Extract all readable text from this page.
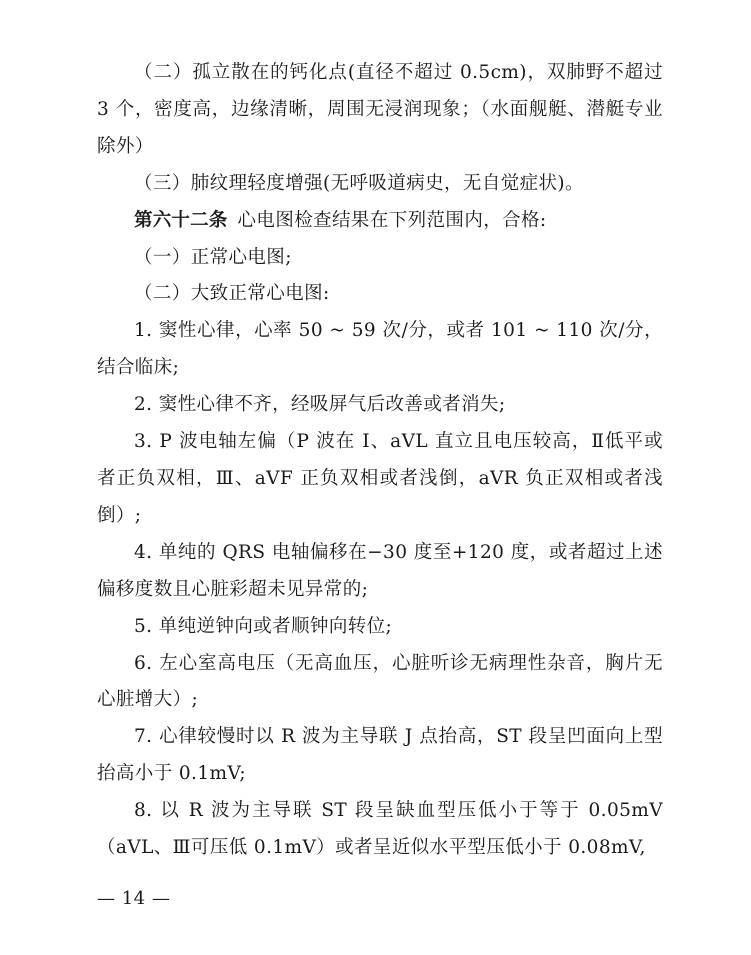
（二）孤立散在的钙化点(直径不超过 0.5cm)，双肺野不超过 3 个，密度高，边缘清晰，周围无浸润现象；（水面舰艇、潜艇专业除外）

（三）肺纹理轻度增强(无呼吸道病史，无自觉症状)。

第六十二条 心电图检查结果在下列范围内，合格:

（一）正常心电图;

（二）大致正常心电图:

1. 窦性心律，心率 50 ~ 59 次/分，或者 101 ~ 110 次/分，结合临床;

2. 窦性心律不齐，经吸屏气后改善或者消失;

3. P 波电轴左偏（P 波在 I、aVL 直立且电压较高，Ⅱ低平或者正负双相，Ⅲ、aVF 正负双相或者浅倒，aVR 负正双相或者浅倒）;

4. 单纯的 QRS 电轴偏移在−30 度至+120 度，或者超过上述偏移度数且心脏彩超未见异常的;

5. 单纯逆钟向或者顺钟向转位;

6. 左心室高电压（无高血压，心脏听诊无病理性杂音，胸片无心脏增大）;

7. 心律较慢时以 R 波为主导联 J 点抬高，ST 段呈凹面向上型抬高小于 0.1mV;

8. 以 R 波为主导联 ST 段呈缺血型压低小于等于 0.05mV（aVL、Ⅲ可压低 0.1mV）或者呈近似水平型压低小于 0.08mV,

— 14 —
